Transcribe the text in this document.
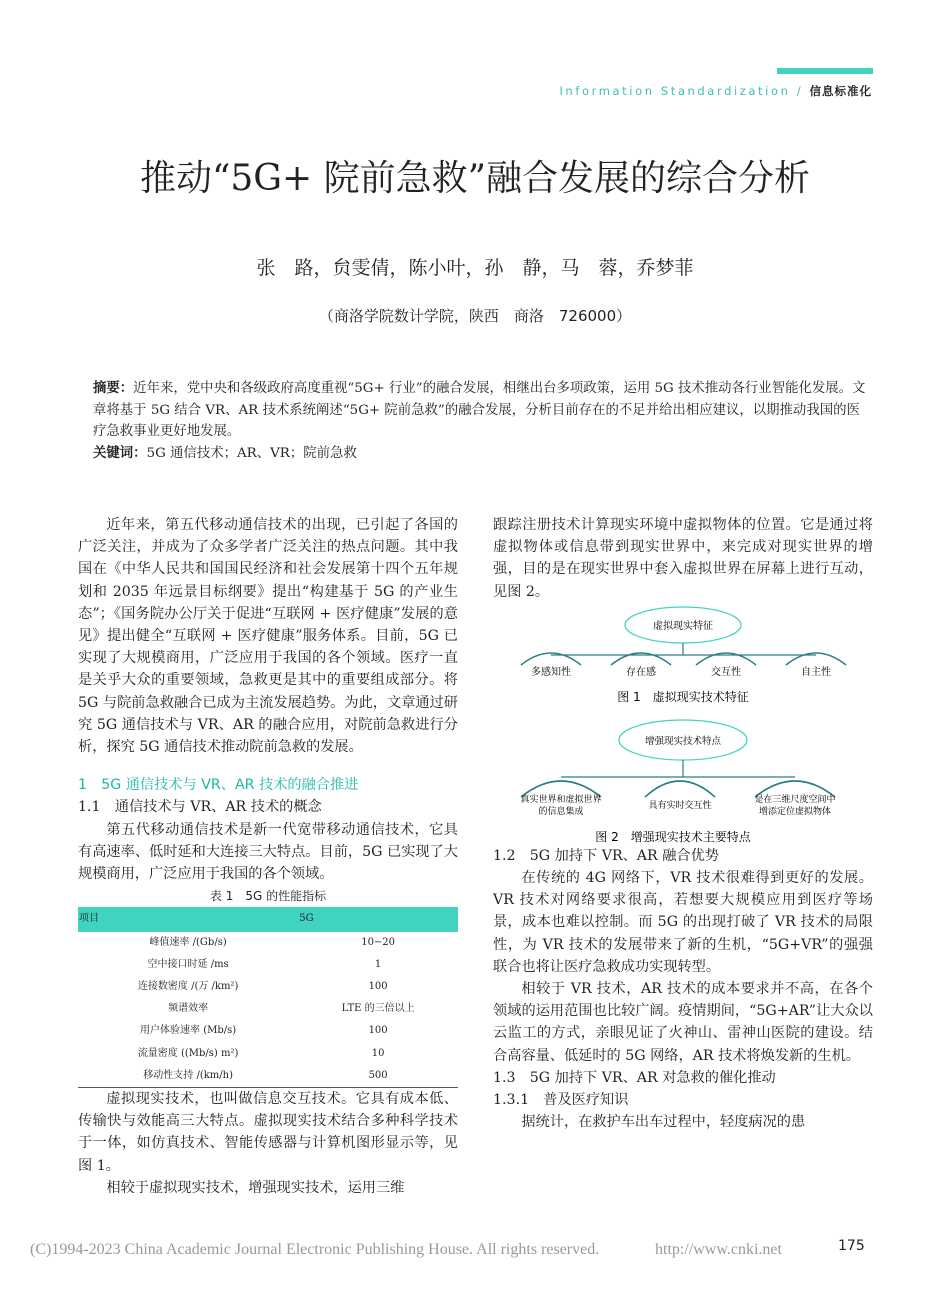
Information Standardization / 信息标准化
推动“5G+ 院前急救”融合发展的综合分析
张　路，贠雯倩，陈小叶，孙　静，马　蓉，乔梦菲
（商洛学院数计学院，陕西　商洛　726000）
摘要：近年来，党中央和各级政府高度重视“5G+ 行业”的融合发展，相继出台多项政策，运用 5G 技术推动各行业智能化发展。文章将基于 5G 结合 VR、AR 技术系统阐述“5G+ 院前急救”的融合发展，分析目前存在的不足并给出相应建议，以期推动我国的医疗急救事业更好地发展。
关键词：5G 通信技术；AR、VR；院前急救

近年来，第五代移动通信技术的出现，已引起了各国的广泛关注，并成为了众多学者广泛关注的热点问题。其中我国在《中华人民共和国国民经济和社会发展第十四个五年规划和 2035 年远景目标纲要》提出“构建基于 5G 的产业生态”；《国务院办公厅关于促进“互联网 + 医疗健康”发展的意见》提出健全“互联网 + 医疗健康”服务体系。目前，5G 已实现了大规模商用，广泛应用于我国的各个领域。医疗一直是关乎大众的重要领域，急救更是其中的重要组成部分。将 5G 与院前急救融合已成为主流发展趋势。为此，文章通过研究 5G 通信技术与 VR、AR 的融合应用，对院前急救进行分析，探究 5G 通信技术推动院前急救的发展。

1　5G 通信技术与 VR、AR 技术的融合推进

1.1　通信技术与 VR、AR 技术的概念

第五代移动通信技术是新一代宽带移动通信技术，它具有高速率、低时延和大连接三大特点。目前，5G 已实现了大规模商用，广泛应用于我国的各个领域。

表 1　5G 的性能指标
项目	5G
峰值速率 /(Gb/s)	10−20
空中接口时延 /ms	1
连接数密度 /(万 /km²)	100
频谱效率	LTE 的三倍以上
用户体验速率 (Mb/s)	100
流量密度 ((Mb/s) m²)	10
移动性支持 /(km/h)	500

虚拟现实技术，也叫做信息交互技术。它具有成本低、传输快与效能高三大特点。虚拟现实技术结合多种科学技术于一体，如仿真技术、智能传感器与计算机图形显示等，见图 1。

相较于虚拟现实技术，增强现实技术，运用三维

跟踪注册技术计算现实环境中虚拟物体的位置。它是通过将虚拟物体或信息带到现实世界中，来完成对现实世界的增强，目的是在现实世界中套入虚拟世界在屏幕上进行互动，见图 2。

虚拟现实特征
多感知性	存在感	交互性	自主性
图 1　虚拟现实技术特征
增强现实技术特点
真实世界和虚拟世界
的信息集成
具有实时交互性
是在三维尺度空间中
增添定位虚拟物体
图 2　增强现实技术主要特点

1.2　5G 加持下 VR、AR 融合优势

在传统的 4G 网络下，VR 技术很难得到更好的发展。VR 技术对网络要求很高，若想要大规模应用到医疗等场景，成本也难以控制。而 5G 的出现打破了 VR 技术的局限性，为 VR 技术的发展带来了新的生机，“5G+VR”的强强联合也将让医疗急救成功实现转型。

相较于 VR 技术，AR 技术的成本要求并不高，在各个领域的运用范围也比较广阔。疫情期间，“5G+AR”让大众以云监工的方式，亲眼见证了火神山、雷神山医院的建设。结合高容量、低延时的 5G 网络，AR 技术将焕发新的生机。

1.3　5G 加持下 VR、AR 对急救的催化推动

1.3.1　普及医疗知识

据统计，在救护车出车过程中，轻度病况的患

(C)1994-2023 China Academic Journal Electronic Publishing House. All rights reserved.	http://www.cnki.net	175
